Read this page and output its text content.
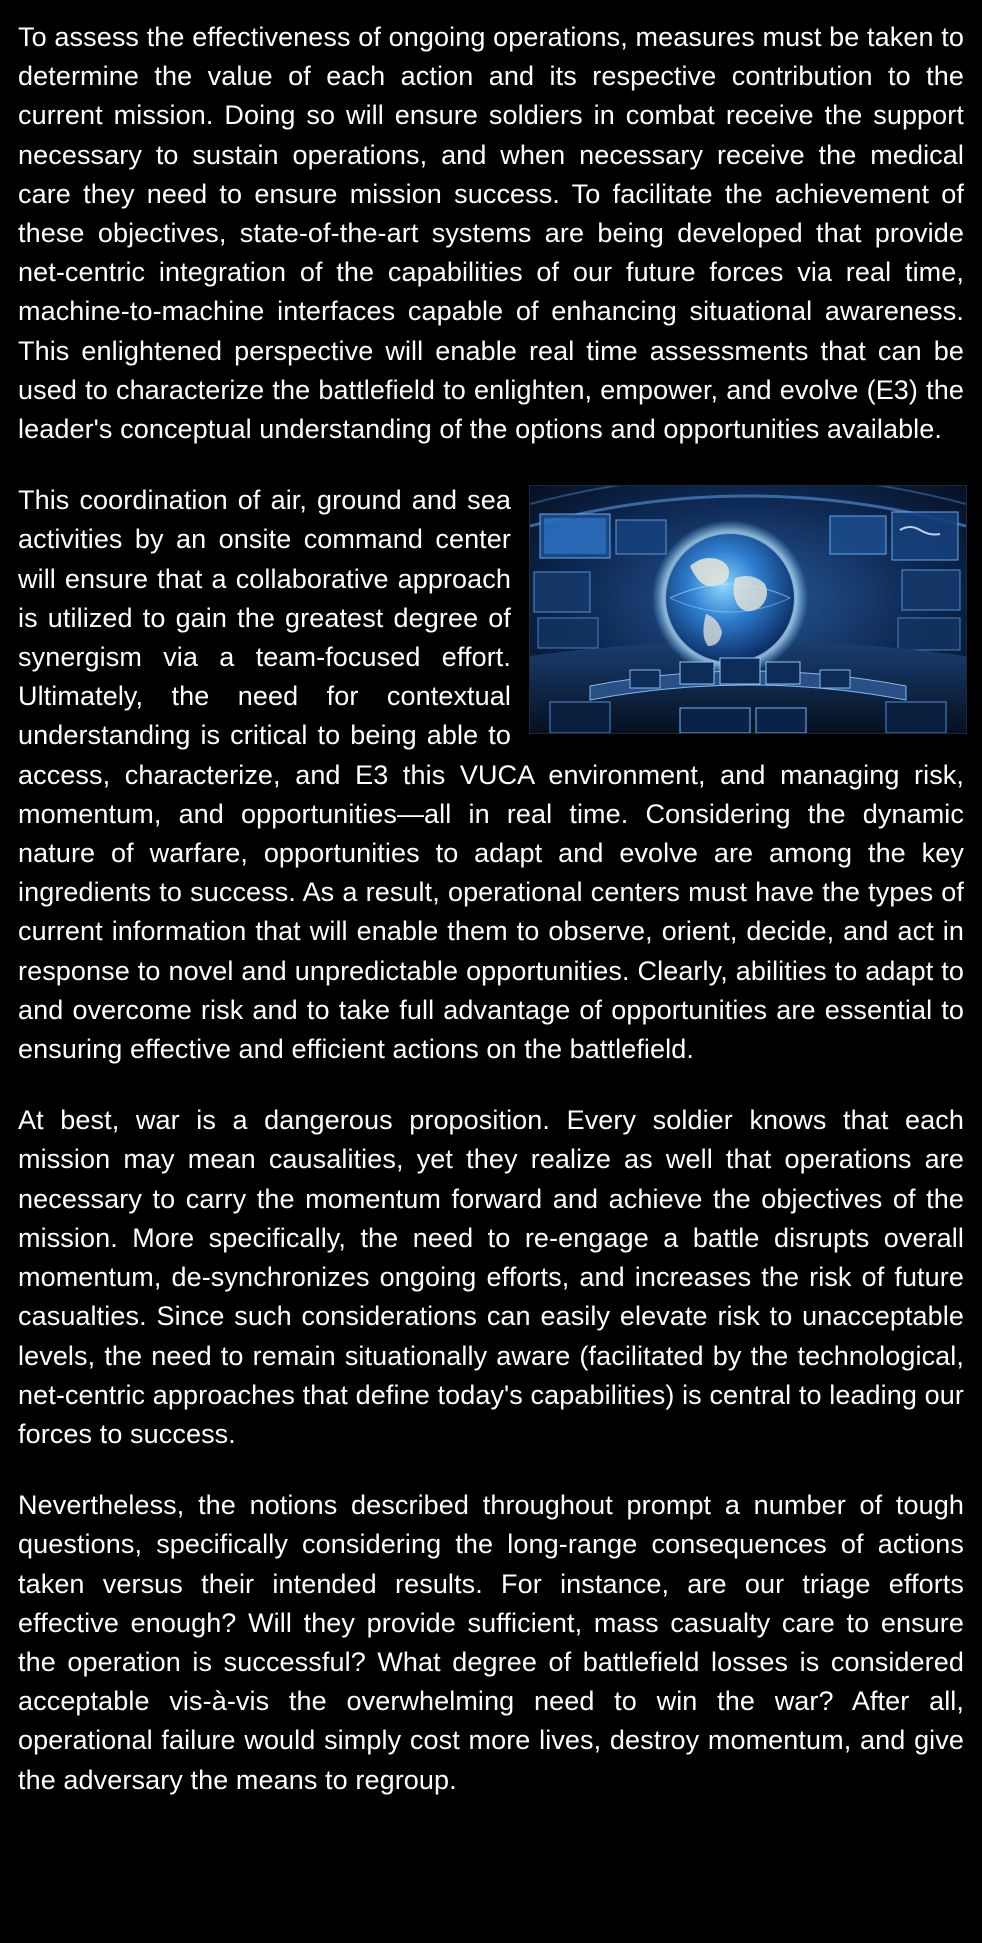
To assess the effectiveness of ongoing operations, measures must be taken to determine the value of each action and its respective contribution to the current mission. Doing so will ensure soldiers in combat receive the support necessary to sustain operations, and when necessary receive the medical care they need to ensure mission success. To facilitate the achievement of these objectives, state-of-the-art systems are being developed that provide net-centric integration of the capabilities of our future forces via real time, machine-to-machine interfaces capable of enhancing situational awareness. This enlightened perspective will enable real time assessments that can be used to characterize the battlefield to enlighten, empower, and evolve (E3) the leader's conceptual understanding of the options and opportunities available.

This coordination of air, ground and sea activities by an onsite command center will ensure that a collaborative approach is utilized to gain the greatest degree of synergism via a team-focused effort. Ultimately, the need for contextual understanding is critical to being able to access, characterize, and E3 this VUCA environment, and managing risk, momentum, and opportunities—all in real time. Considering the dynamic nature of warfare, opportunities to adapt and evolve are among the key ingredients to success. As a result, operational centers must have the types of current information that will enable them to observe, orient, decide, and act in response to novel and unpredictable opportunities. Clearly, abilities to adapt to and overcome risk and to take full advantage of opportunities are essential to ensuring effective and efficient actions on the battlefield.

At best, war is a dangerous proposition. Every soldier knows that each mission may mean causalities, yet they realize as well that operations are necessary to carry the momentum forward and achieve the objectives of the mission. More specifically, the need to re-engage a battle disrupts overall momentum, de-synchronizes ongoing efforts, and increases the risk of future casualties. Since such considerations can easily elevate risk to unacceptable levels, the need to remain situationally aware (facilitated by the technological, net-centric approaches that define today's capabilities) is central to leading our forces to success.

Nevertheless, the notions described throughout prompt a number of tough questions, specifically considering the long-range consequences of actions taken versus their intended results. For instance, are our triage efforts effective enough? Will they provide sufficient, mass casualty care to ensure the operation is successful? What degree of battlefield losses is considered acceptable vis-à-vis the overwhelming need to win the war? After all, operational failure would simply cost more lives, destroy momentum, and give the adversary the means to regroup.
